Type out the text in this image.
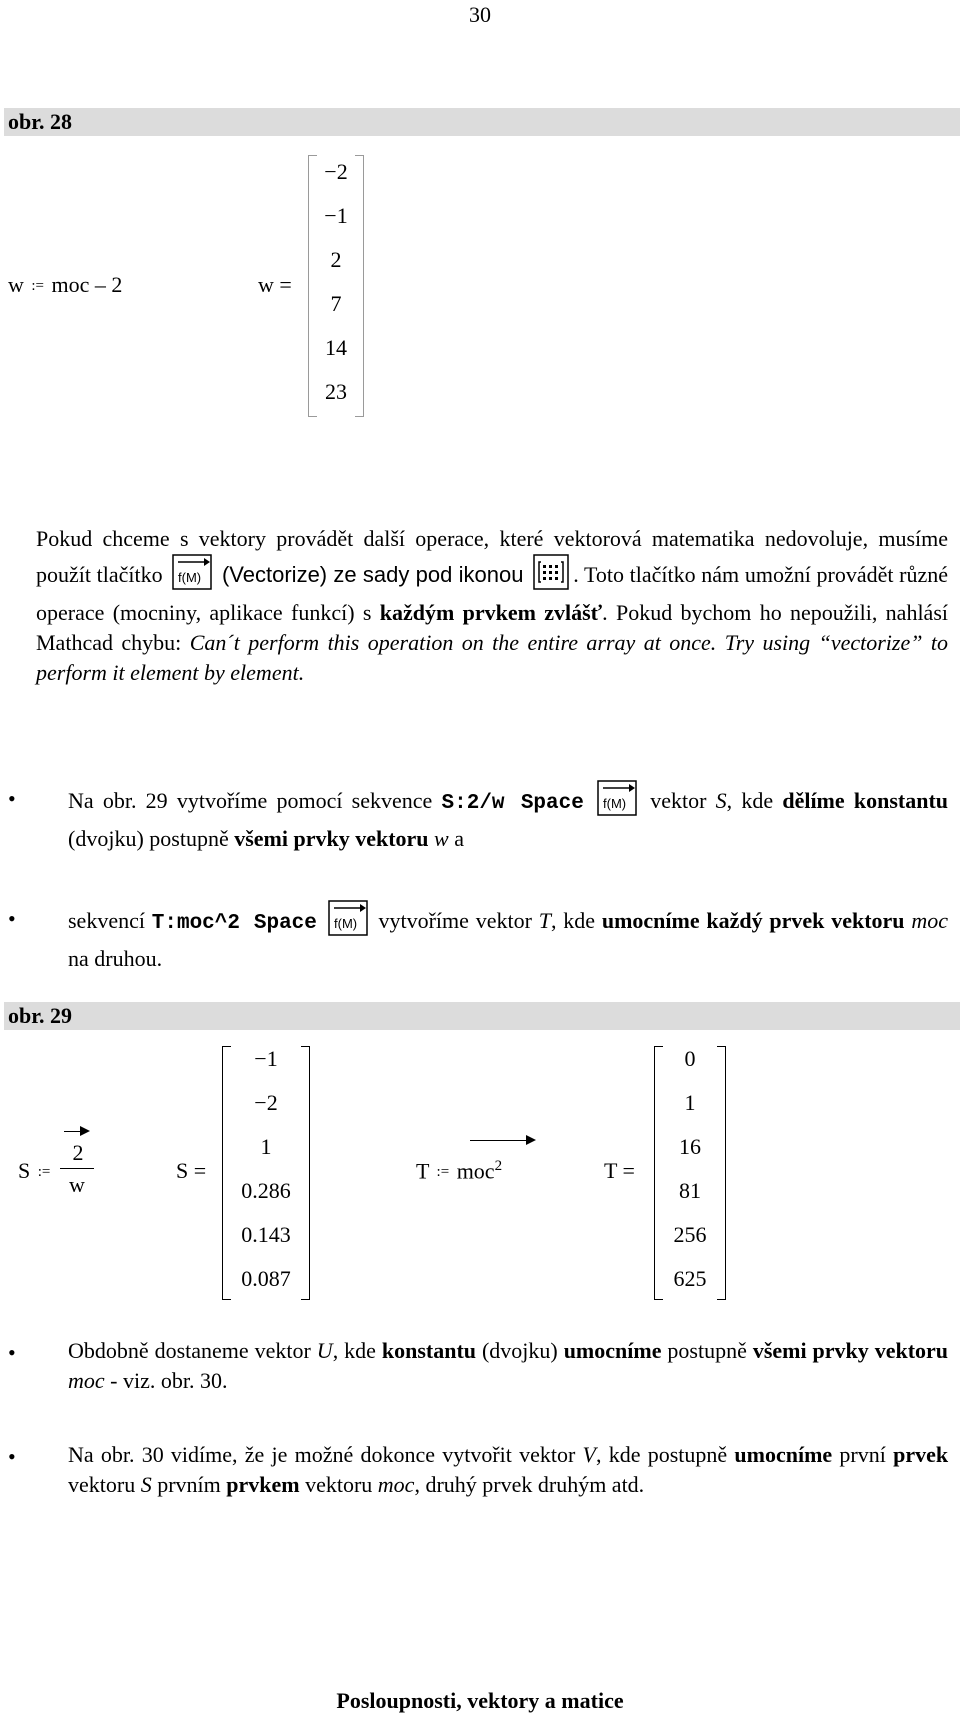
30
obr. 28
w := moc – 2	w =
−2
−1
2
7
14
23

Pokud chceme s vektory provádět další operace, které vektorová matematika nedovoluje, musíme použít tlačítko f(M) (Vectorize) ze sady pod ikonou . Toto tlačítko nám umožní provádět různé operace (mocniny, aplikace funkcí) s každým prvkem zvlášť. Pokud bychom ho nepoužili, nahlásí Mathcad chybu: Can´t perform this operation on the entire array at once. Try using “vectorize” to perform it element by element.

• Na obr. 29 vytvoříme pomocí sekvence S:2/w Space f(M) vektor S, kde dělíme konstantu (dvojku) postupně všemi prvky vektoru w a

• sekvencí T:moc^2 Space f(M) vytvoříme vektor T, kde umocníme každý prvek vektoru moc na druhou.

obr. 29
S :=
2
w
S =
−1
−2
1
0.286
0.143
0.087
T := moc$^2$	T =
0
1
16
81
256
625
• Obdobně dostaneme vektor U, kde konstantu (dvojku) umocníme postupně všemi prvky vektoru moc - viz. obr. 30.

• Na obr. 30 vidíme, že je možné dokonce vytvořit vektor V, kde postupně umocníme první prvek vektoru S prvním prvkem vektoru moc, druhý prvek druhým atd.

Posloupnosti, vektory a matice
